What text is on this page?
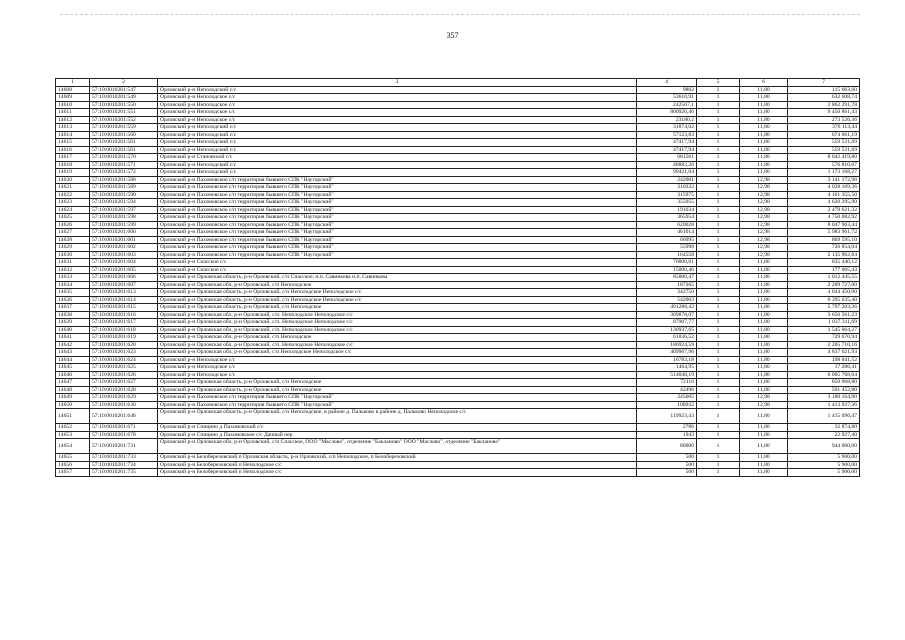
357
1	2	3	4	5	6	7
14608	57:10:0010201:547	Орловский р-н Неполодский с/с	9802	1	11,80	115 663,60
14609	57:10:0010201:549	Орловский р-н Неполодское с/с	53610,91	1	11,80	632 608,74
14610	57:10:0010201:550	Орловский р-н Неполодское с/с	242567,1	1	11,80	2 862 291,78
14611	57:10:0010201:551	Орловский р-н Неполодское с/с	800920,46	1	11,80	9 450 861,43
14612	57:10:0010201:552	Орловский р-н Неполодское с/с	23180,2	1	11,80	273 526,36
14613	57:10:0010201:559	Орловский р-н Неполодский с/с	31874,02	1	11,80	376 113,44
14614	57:10:0010201:560	Орловский р-н Неполодский с/с	57123,83	1	11,80	674 061,19
14615	57:10:0010201:561	Орловский р-н Неполодский с/с	47417,94	1	11,80	559 531,69
14616	57:10:0010201:561	Орловский р-н Неполодский с/с	47417,94	1	11,80	559 531,69
14617	57:10:0010201:570	Орловский р-н Становской с/с	681561	1	11,80	8 042 419,80
14618	57:10:0010201:571	Орловский р-н Неполодский с/с	48882,26	1	11,80	576 810,67
14619	57:10:0010201:572	Орловский р-н Неполодский с/с	99421,04	1	11,80	1 173 168,27
14620	57:10:0010201:588	Орловский р-н Пахомовское с/п территория бывшего СПК "Наугорский"	242001	1	12,98	3 141 172,98
14621	57:10:0010201:589	Орловский р-н Пахомовское с/п территория бывшего СПК "Наугорский"	310332	1	12,98	4 028 109,36
14622	57:10:0010201:590	Орловский р-н Пахомовское с/п территория бывшего СПК "Наугорский"	315975	1	12,98	4 101 355,50
14623	57:10:0010201:594	Орловский р-н Пахомовское с/п территория бывшего СПК "Наугорский"	355955	1	12,98	4 620 295,90
14624	57:10:0010201:597	Орловский р-н Пахомовское с/п территория бывшего СПК "Наугорский"	191034	1	12,98	2 479 621,32
14625	57:10:0010201:598	Орловский р-н Пахомовское с/п территория бывшего СПК "Наугорский"	365954	1	12,98	4 750 082,92
14626	57:10:0010201:599	Орловский р-н Пахомовское с/п территория бывшего СПК "Наугорский"	620028	1	12,98	8 047 963,44
14627	57:10:0010201:600	Орловский р-н Пахомовское с/п территория бывшего СПК "Наугорский"	461014	1	12,98	5 983 961,72
14628	57:10:0010201:601	Орловский р-н Пахомовское с/п территория бывшего СПК "Наугорский"	66995	1	12,98	869 595,10
14629	57:10:0010201:602	Орловский р-н Пахомовское с/п территория бывшего СПК "Наугорский"	55998	1	12,98	726 854,04
14630	57:10:0010201:603	Орловский р-н Пахомовское с/п территория бывшего СПК "Наугорский"	164558	1	12,98	2 135 962,84
14631	57:10:0010201:604	Орловский р-н Спасское с/с	70800,01	1	11,80	835 440,12
14632	57:10:0010201:605	Орловский р-н Спасское с/с	15000,46	1	11,80	177 005,43
14633	57:10:0010201:606	Орловский р-н Орловская область, р-н Орловский, с/п Спасское, н.п. Савинкова н.п. Савинкова	85800,47	1	11,80	1 012 445,55
14634	57:10:0010201:607	Орловский р-н Орловская обл, р-н Орловский, с/п Неполодское	187265	1	11,80	2 209 727,00
14635	57:10:0010201:613	Орловский р-н Орловская область, р-н Орловский, с/п Неполодское Неполодское с/с	342750	1	11,80	4 044 450,00
14636	57:10:0010201:614	Орловский р-н Орловская область, р-н Орловский, с/п Неполодское Неполодское с/с	542003	1	11,80	6 395 635,40
14637	57:10:0010201:615	Орловский р-н Орловская область, р-н Орловский, с/п Неполодское	491288,42	1	11,80	5 797 203,36
14638	57:10:0010201:616	Орловский р-н Орловская обл, р-н Орловский, с/п. Неполодское Неполодское с/с	309878,07	1	11,80	3 656 561,23
14639	57:10:0010201:617	Орловский р-н Орловская обл, р-н Орловский, с/п. Неполодское Неполодское с/с	87907,77	1	11,80	1 037 311,69
14640	57:10:0010201:618	Орловский р-н Орловская обл, р-н Орловский, с/п. Неполодское Неполодское с/с	130937,65	1	11,80	1 545 064,27
14641	57:10:0010201:619	Орловский р-н Орловская обл, р-н Орловский, с/п Неполодское	61836,52	1	11,80	729 670,94
14642	57:10:0010201:620	Орловский р-н Орловская обл, р-н Орловский, с/п. Неполодское Неполодское с/с	186924,59	1	11,80	2 205 710,16
14643	57:10:0010201:623	Орловский р-н Орловская обл, р-н Орловский, с/п Неполодское Неполодское с/с	409967,96	1	11,80	4 837 621,93
14644	57:10:0010201:624	Орловский р-н Неполодское с/с	16783,18	1	11,80	198 041,52
14645	57:10:0010201:625	Орловский р-н Неполодское с/с	1464,95	1	11,80	17 286,41
14646	57:10:0010201:626	Орловский р-н Неполодское с/с	514048,19	1	11,80	6 065 768,64
14647	57:10:0010201:627	Орловский р-н Орловская область, р-н Орловский, с/п Неполодское	72116	1	11,80	850 968,80
14648	57:10:0010201:628	Орловский р-н Орловская область, р-н Орловский, с/п Неполодское	42496	1	11,80	501 452,80
14649	57:10:0010201:629	Орловский р-н Пахомовское с/п территория бывшего СПК "Наугорский"	245005	1	12,98	3 180 164,90
14650	57:10:0010201:630	Орловский р-н Пахомовское с/п территория бывшего СПК "Наугорский"	108932	1	12,98	1 413 937,36
14651	57:10:0010201:646	Орловский р-н Орловская область, р-н Орловский, с/п Неполодское, в районе д. Пальково в районе д. Пальково Неполодское с/с	119923,43	1	11,80	1 415 096,47
14652	57:10:0010201:671	Орловский р-н Спицино д Пахомовский с/с	2786	1	11,80	32 874,80
14653	57:10:0010201:678	Орловский р-н Спицино д Пахомовское с/с Дачный пер	1943	1	11,80	22 927,40
14654	57:10:0010201:731	Орловский р-н Орловская обл, р-н Орловский, с/п Спасское, ООО "Маслово", отделение "Бакланово" ООО "Маслово", отделение "Бакланово"	80000	1	11,80	944 000,00
14655	57:10:0010201:733	Орловский р-н Белоберезовский п Орловская область, р-н Орловский, с/п Неполодское, п Белоберезовский	500	1	11,80	5 900,00
14656	57:10:0010201:734	Орловский р-н Белоберезовский п Неполодское с/с	500	1	11,80	5 900,00
14657	57:10:0010201:735	Орловский р-н Белоберезовский п Неполодское с/с	500	1	11,80	5 900,00
